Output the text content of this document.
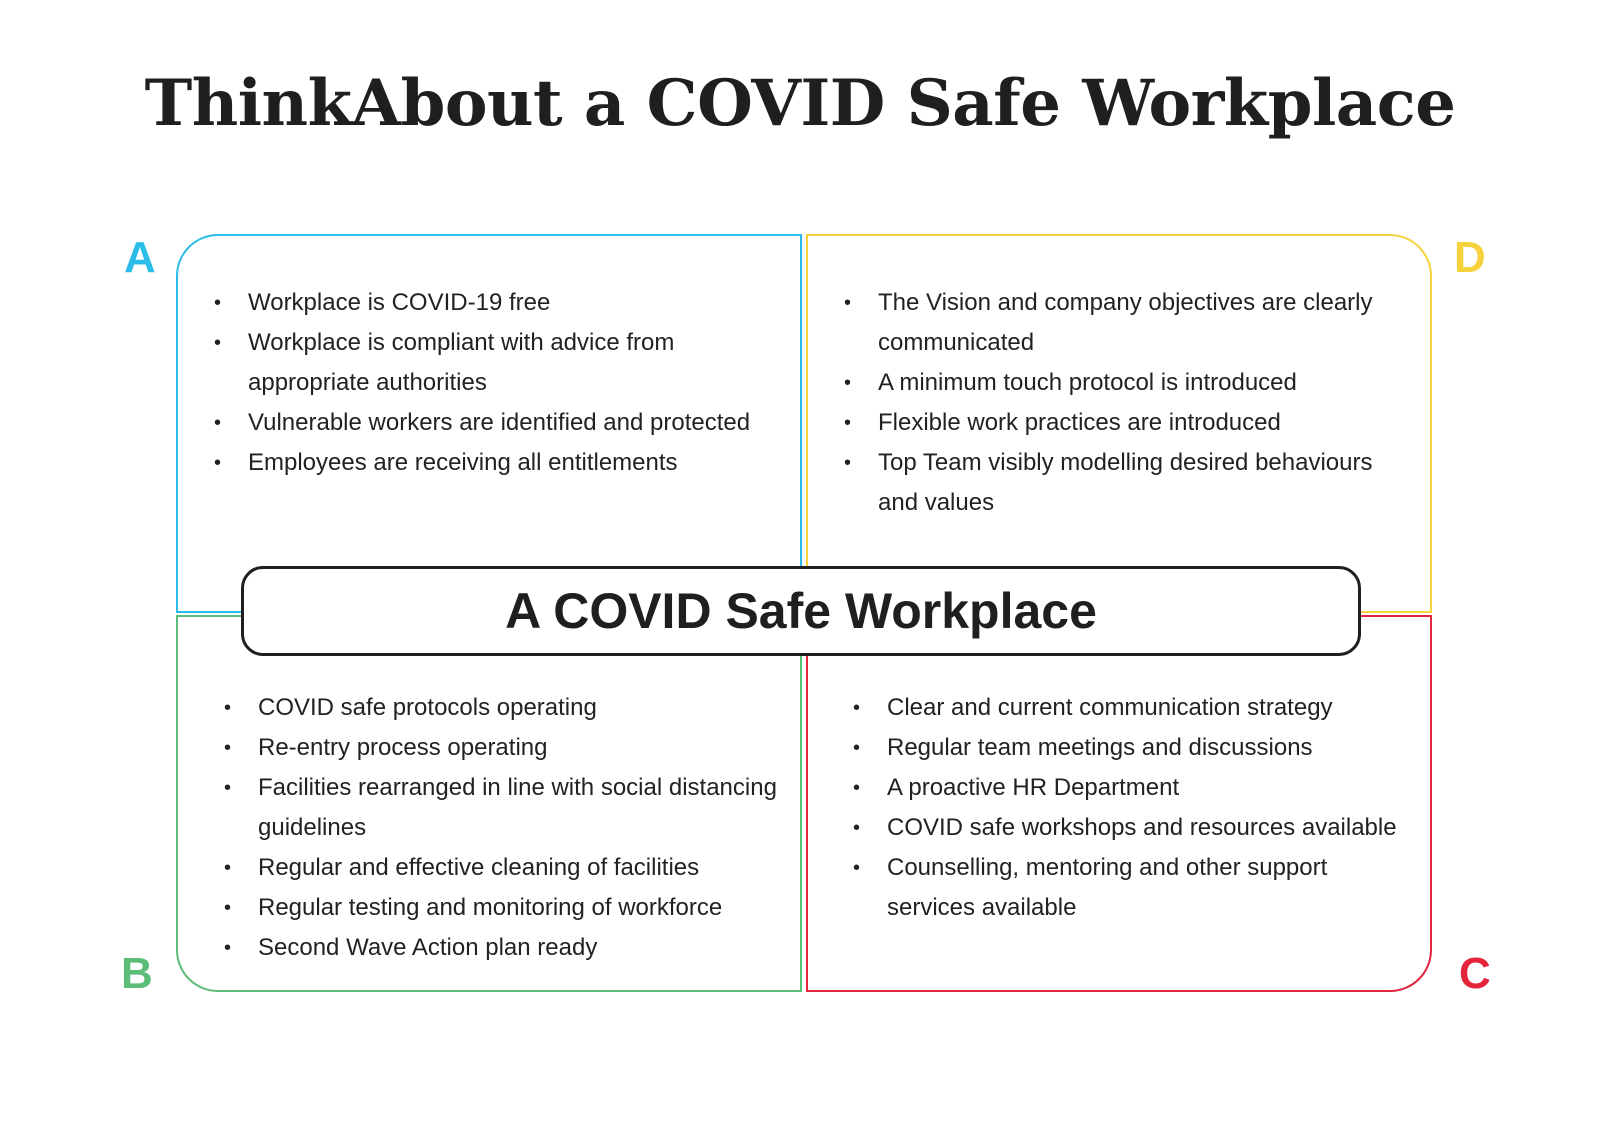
ThinkAbout a COVID Safe Workplace
A	D
B	C
• Workplace is COVID-19 free
• Workplace is compliant with advice from appropriate authorities
• Vulnerable workers are identified and protected
• Employees are receiving all entitlements
• The Vision and company objectives are clearly communicated
• A minimum touch protocol is introduced
• Flexible work practices are introduced
• Top Team visibly modelling desired behaviours and values
• COVID safe protocols operating
• Re-entry process operating
• Facilities rearranged in line with social distancing guidelines
• Regular and effective cleaning of facilities
• Regular testing and monitoring of workforce
• Second Wave Action plan ready
• Clear and current communication strategy
• Regular team meetings and discussions
• A proactive HR Department
• COVID safe workshops and resources available
• Counselling, mentoring and other support services available
A COVID Safe Workplace
